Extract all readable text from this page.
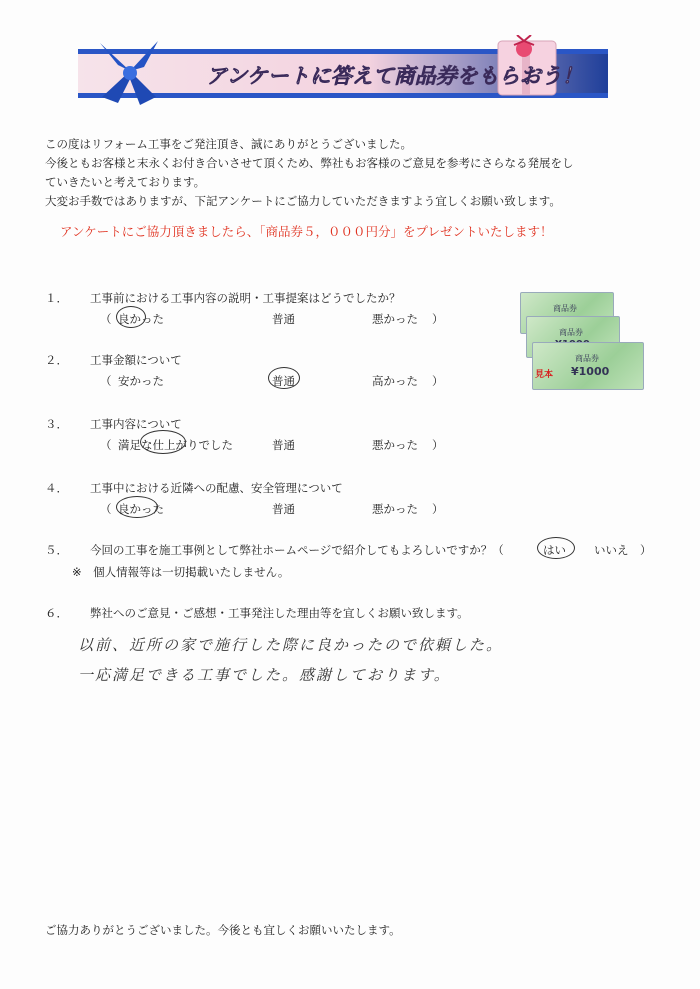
アンケートに答えて商品券をもらおう！
この度はリフォーム工事をご発注頂き、誠にありがとうございました。
今後ともお客様と末永くお付き合いさせて頂くため、弊社もお客様のご意見を参考にさらなる発展をし
ていきたいと考えております。
大変お手数ではありますが、下記アンケートにご協力していただきますよう宜しくお願い致します。
アンケートにご協力頂きましたら、「商品券５，０００円分」をプレゼントいたします！
商品券
商品券
商品券
¥1000
見本
１． 工事前における工事内容の説明・工事提案はどうでしたか？
（ 良かった	普通	悪かった ）
２． 工事金額について
（ 安かった	普通	高かった ）
３． 工事内容について
（ 満足な仕上がりでした	普通	悪かった ）
４． 工事中における近隣への配慮、安全管理について
（ 良かった	普通	悪かった ）
５． 今回の工事を施工事例として弊社ホームページで紹介してもよろしいですか？（	はい いいえ ）
※　個人情報等は一切掲載いたしません。
６． 弊社へのご意見・ご感想・工事発注した理由等を宜しくお願い致します。
以前、近所の家で施行した際に良かったので依頼した。
一応満足できる工事でした。感謝しております。
ご協力ありがとうございました。今後とも宜しくお願いいたします。
